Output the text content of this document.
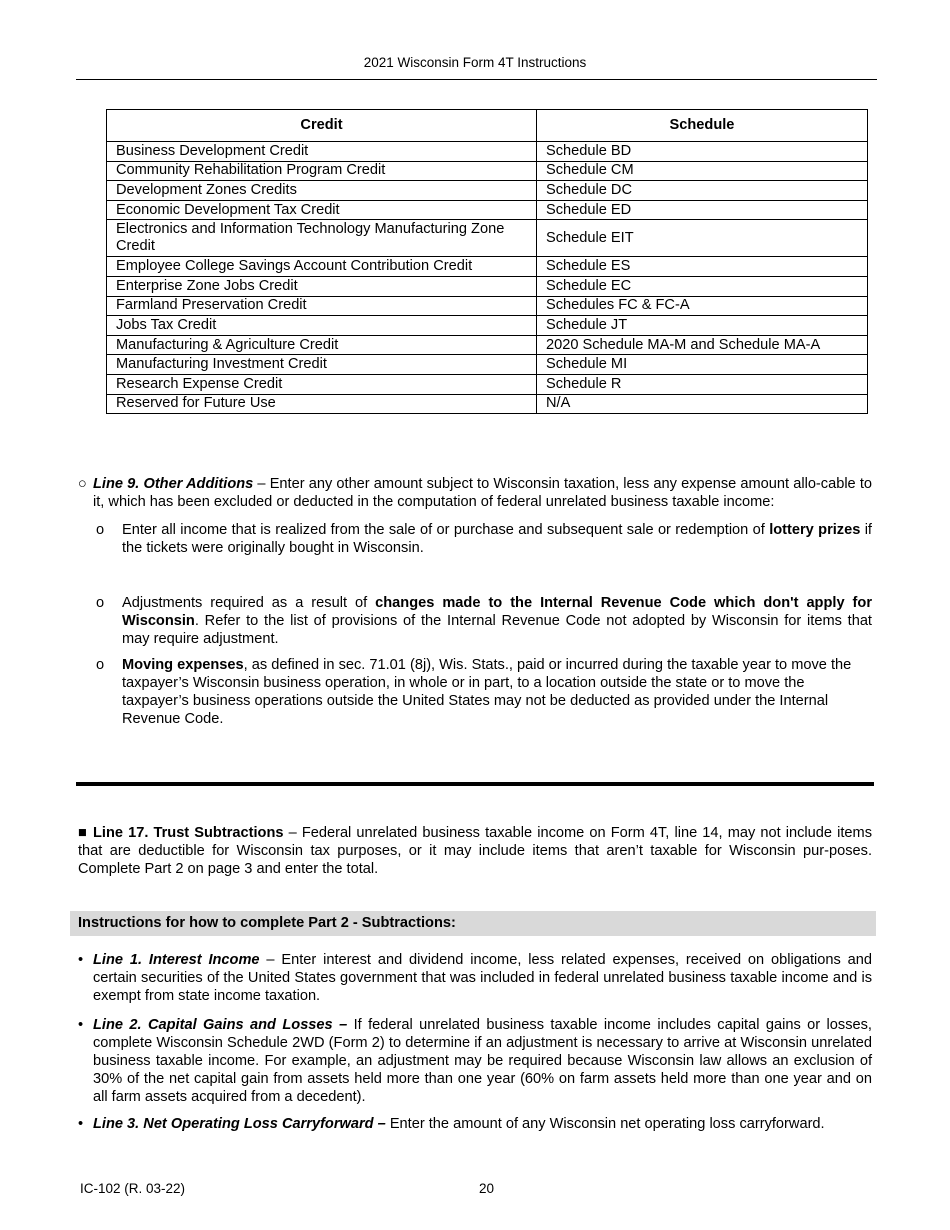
2021 Wisconsin Form 4T Instructions
Credit	Schedule
Business Development Credit	Schedule BD
Community Rehabilitation Program Credit	Schedule CM
Development Zones Credits	Schedule DC
Economic Development Tax Credit	Schedule ED
Electronics and Information Technology Manufacturing Zone Credit	Schedule EIT
Employee College Savings Account Contribution Credit	Schedule ES
Enterprise Zone Jobs Credit	Schedule EC
Farmland Preservation Credit	Schedules FC & FC-A
Jobs Tax Credit	Schedule JT
Manufacturing & Agriculture Credit	2020 Schedule MA-M and Schedule MA-A
Manufacturing Investment Credit	Schedule MI
Research Expense Credit	Schedule R
Reserved for Future Use	N/A
○ Line 9. Other Additions – Enter any other amount subject to Wisconsin taxation, less any expense amount allo-cable to it, which has been excluded or deducted in the computation of federal unrelated business taxable income:

o	Enter all income that is realized from the sale of or purchase and subsequent sale or redemption of lottery prizes if the tickets were originally bought in Wisconsin.

o	Adjustments required as a result of changes made to the Internal Revenue Code which don't apply for Wisconsin. Refer to the list of provisions of the Internal Revenue Code not adopted by Wisconsin for items that may require adjustment.

o	Moving expenses, as defined in sec. 71.01 (8j), Wis. Stats., paid or incurred during the taxable year to move the taxpayer’s Wisconsin business operation, in whole or in part, to a location outside the state or to move the taxpayer’s business operations outside the United States may not be deducted as provided under the Internal Revenue Code.

■ Line 17. Trust Subtractions – Federal unrelated business taxable income on Form 4T, line 14, may not include items that are deductible for Wisconsin tax purposes, or it may include items that aren’t taxable for Wisconsin pur-poses. Complete Part 2 on page 3 and enter the total.

Instructions for how to complete Part 2 - Subtractions:
• Line 1. Interest Income – Enter interest and dividend income, less related expenses, received on obligations and certain securities of the United States government that was included in federal unrelated business taxable income and is exempt from state income taxation.

• Line 2. Capital Gains and Losses – If federal unrelated business taxable income includes capital gains or losses, complete Wisconsin Schedule 2WD (Form 2) to determine if an adjustment is necessary to arrive at Wisconsin unrelated business taxable income. For example, an adjustment may be required because Wisconsin law allows an exclusion of 30% of the net capital gain from assets held more than one year (60% on farm assets held more than one year and on all farm assets acquired from a decedent).

• Line 3. Net Operating Loss Carryforward – Enter the amount of any Wisconsin net operating loss carryforward.

IC-102 (R. 03-22)	20
